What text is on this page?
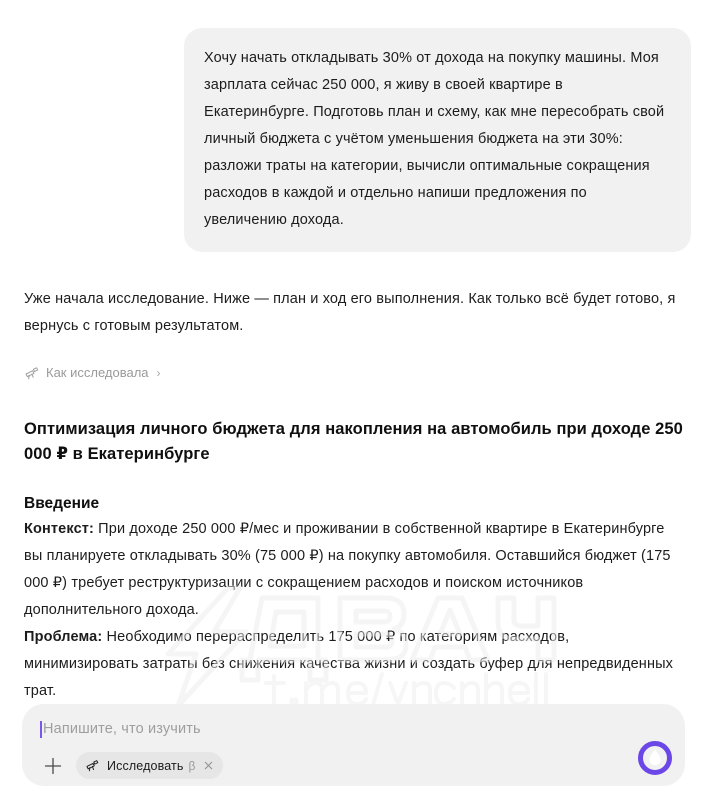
Хочу начать откладывать 30% от дохода на покупку машины. Моя зарплата сейчас 250 000, я живу в своей квартире в Екатеринбурге. Подготовь план и схему, как мне пересобрать свой личный бюджета с учётом уменьшения бюджета на эти 30%: разложи траты на категории, вычисли оптимальные сокращения расходов в каждой и отдельно напиши предложения по увеличению дохода.

Уже начала исследование. Ниже — план и ход его выполнения. Как только всё будет готово, я вернусь с готовым результатом.

Как исследовала ›
Оптимизация личного бюджета для накопления на автомобиль при доходе 250 000 ₽ в Екатеринбурге
Введение

Контекст: При доходе 250 000 ₽/мес и проживании в собственной квартире в Екатеринбурге вы планируете откладывать 30% (75 000 ₽) на покупку автомобиля. Оставшийся бюджет (175 000 ₽) требует реструктуризации с сокращением расходов и поиском источников дополнительного дохода.

Проблема: Необходимо перераспределить 175 000 ₽ по категориям расходов, минимизировать затраты без снижения качества жизни и создать буфер для непредвиденных трат.

Напишите, что изучить
Исследовать β
